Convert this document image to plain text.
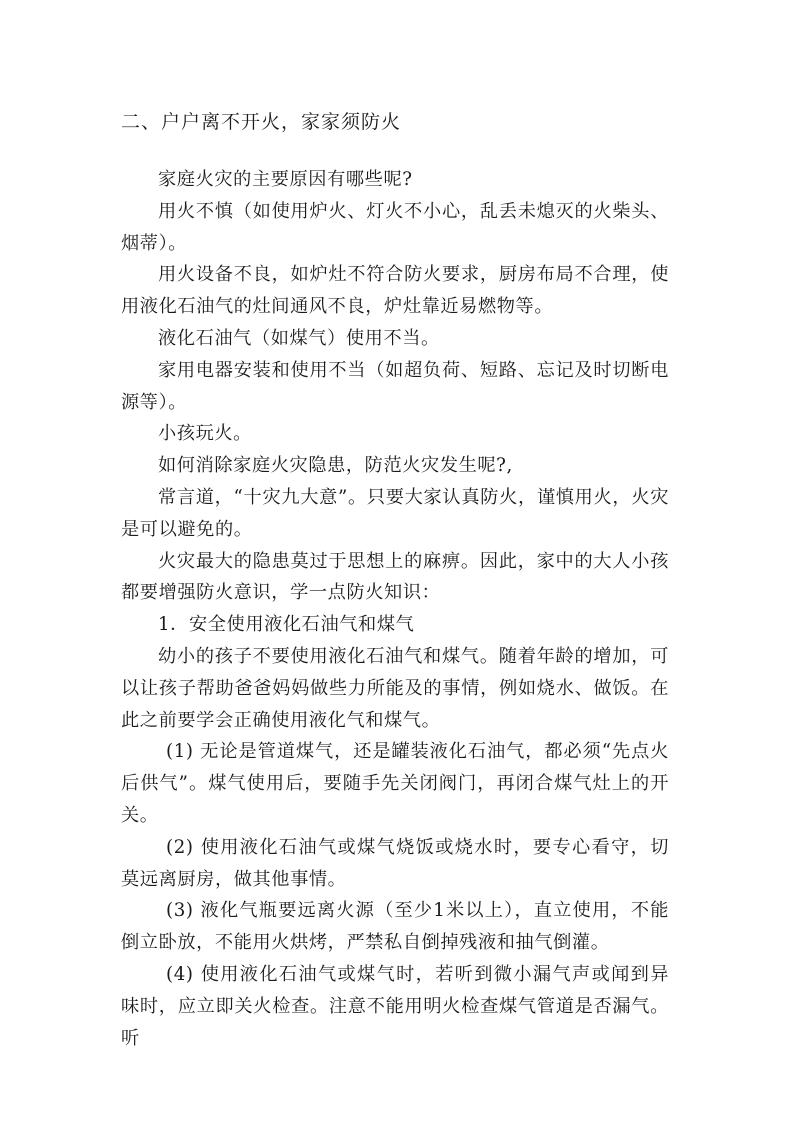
二、户户离不开火，家家须防火

家庭火灾的主要原因有哪些呢?

用火不慎（如使用炉火、灯火不小心，乱丢未熄灭的火柴头、烟蒂）。

用火设备不良，如炉灶不符合防火要求，厨房布局不合理，使用液化石油气的灶间通风不良，炉灶靠近易燃物等。

液化石油气（如煤气）使用不当。

家用电器安装和使用不当（如超负荷、短路、忘记及时切断电源等）。

小孩玩火。

如何消除家庭火灾隐患，防范火灾发生呢?,

常言道，“十灾九大意”。只要大家认真防火，谨慎用火，火灾是可以避免的。

火灾最大的隐患莫过于思想上的麻痹。因此，家中的大人小孩都要增强防火意识，学一点防火知识：

1．安全使用液化石油气和煤气

幼小的孩子不要使用液化石油气和煤气。随着年龄的增加，可以让孩子帮助爸爸妈妈做些力所能及的事情，例如烧水、做饭。在此之前要学会正确使用液化气和煤气。

(1) 无论是管道煤气，还是罐装液化石油气，都必须“先点火后供气”。煤气使用后，要随手先关闭阀门，再闭合煤气灶上的开关。

(2) 使用液化石油气或煤气烧饭或烧水时，要专心看守，切莫远离厨房，做其他事情。

(3) 液化气瓶要远离火源（至少1米以上），直立使用，不能倒立卧放，不能用火烘烤，严禁私自倒掉残液和抽气倒灌。

(4) 使用液化石油气或煤气时，若听到微小漏气声或闻到异味时，应立即关火检查。注意不能用明火检查煤气管道是否漏气。听
